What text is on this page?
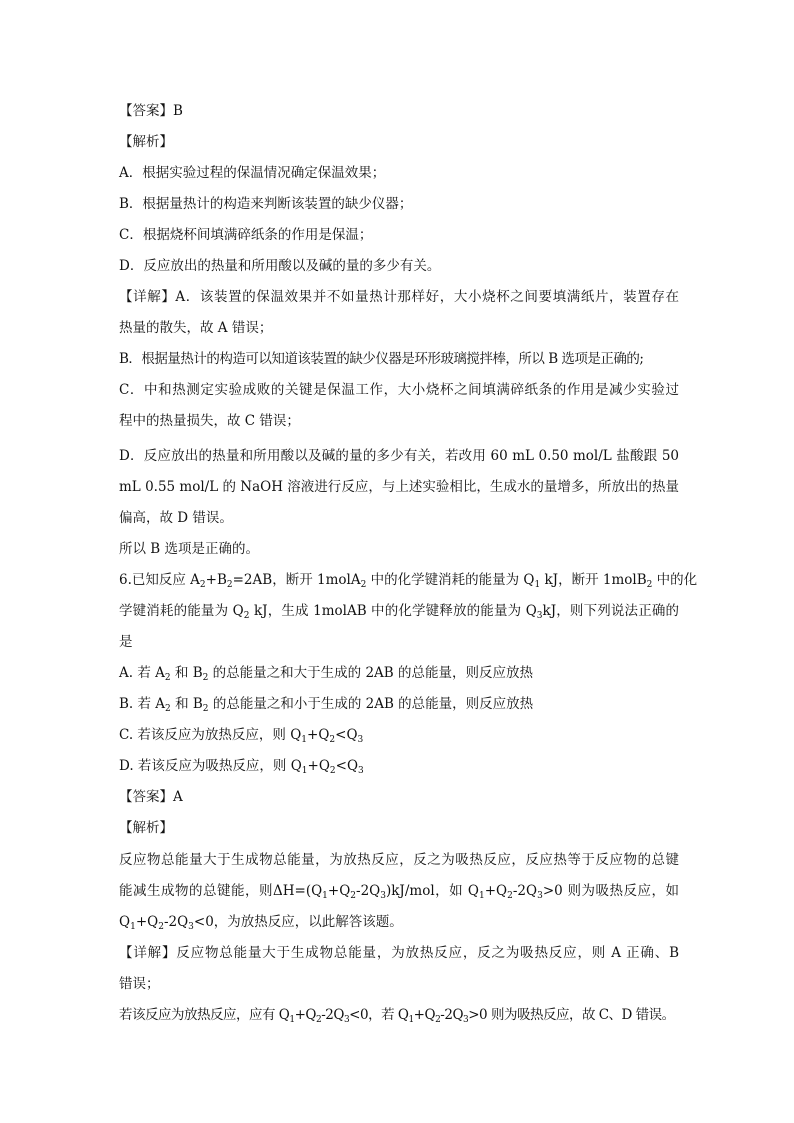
【答案】B
【解析】
A．根据实验过程的保温情况确定保温效果；
B．根据量热计的构造来判断该装置的缺少仪器；
C．根据烧杯间填满碎纸条的作用是保温；
D．反应放出的热量和所用酸以及碱的量的多少有关。
【详解】A．该装置的保温效果并不如量热计那样好，大小烧杯之间要填满纸片，装置存在
热量的散失，故 A 错误；
B．根据量热计的构造可以知道该装置的缺少仪器是环形玻璃搅拌棒，所以 B 选项是正确的;
C．中和热测定实验成败的关键是保温工作，大小烧杯之间填满碎纸条的作用是减少实验过
程中的热量损失，故 C 错误；
D．反应放出的热量和所用酸以及碱的量的多少有关，若改用 60 mL 0.50 mol/L 盐酸跟 50
mL 0.55 mol/L 的 NaOH 溶液进行反应，与上述实验相比，生成水的量增多，所放出的热量
偏高，故 D 错误。
所以 B 选项是正确的。
6.已知反应 $A_2+B_2=2AB$，断开 1molA$_2$ 中的化学键消耗的能量为 $Q_1$ kJ，断开 1molB$_2$ 中的化
学键消耗的能量为 $Q_2$ kJ，生成 1molAB 中的化学键释放的能量为 $Q_3kJ$，则下列说法正确的
是
A. 若 $A_2$ 和 $B_2$ 的总能量之和大于生成的 2AB 的总能量，则反应放热
B. 若 $A_2$ 和 $B_2$ 的总能量之和小于生成的 2AB 的总能量，则反应放热
C. 若该反应为放热反应，则 $Q_1+Q_2<Q_3$
D. 若该反应为吸热反应，则 $Q_1+Q_2<Q_3$
【答案】A
【解析】
反应物总能量大于生成物总能量，为放热反应，反之为吸热反应，反应热等于反应物的总键
能减生成物的总键能，则$\Delta H=(Q_1+Q_2-2Q_3)kJ$/mol，如 $Q_1+Q_2-2Q_3>0$ 则为吸热反应，如
$Q_1+Q_2-2Q_3<0$，为放热反应，以此解答该题。
【详解】反应物总能量大于生成物总能量，为放热反应，反之为吸热反应，则 A 正确、B
错误；
若该反应为放热反应，应有 $Q_1+Q_2-2Q_3<0$，若 $Q_1+Q_2-2Q_3>0$ 则为吸热反应，故 C、D 错误。
